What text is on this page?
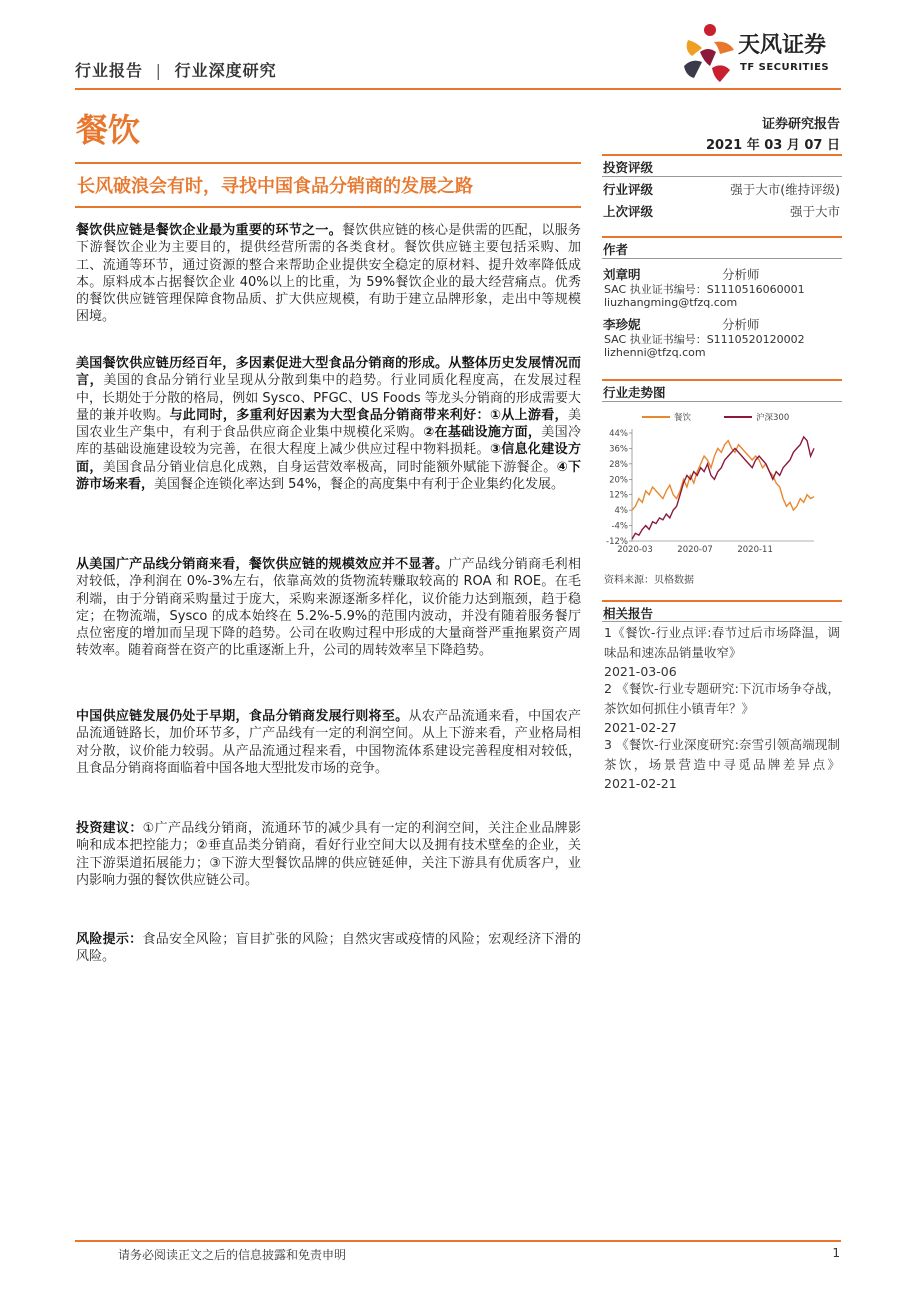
行业报告 | 行业深度研究
天风证券
TF SECURITIES
餐饮	证券研究报告
2021 年 03 月 07 日
长风破浪会有时，寻找中国食品分销商的发展之路
餐饮供应链是餐饮企业最为重要的环节之一。餐饮供应链的核心是供需的匹配，以服务下游餐饮企业为主要目的，提供经营所需的各类食材。餐饮供应链主要包括采购、加工、流通等环节，通过资源的整合来帮助企业提供安全稳定的原材料、提升效率降低成本。原料成本占据餐饮企业 40%以上的比重，为 59%餐饮企业的最大经营痛点。优秀的餐饮供应链管理保障食物品质、扩大供应规模，有助于建立品牌形象，走出中等规模困境。
美国餐饮供应链历经百年，多因素促进大型食品分销商的形成。从整体历史发展情况而言，美国的食品分销行业呈现从分散到集中的趋势。行业同质化程度高，在发展过程中，长期处于分散的格局，例如 Sysco、PFGC、US Foods 等龙头分销商的形成需要大量的兼并收购。与此同时，多重利好因素为大型食品分销商带来利好：①从上游看，美国农业生产集中，有利于食品供应商企业集中规模化采购。②在基础设施方面，美国冷库的基础设施建设较为完善，在很大程度上减少供应过程中物料损耗。③信息化建设方面，美国食品分销业信息化成熟，自身运营效率极高，同时能额外赋能下游餐企。④下游市场来看，美国餐企连锁化率达到 54%，餐企的高度集中有利于企业集约化发展。
从美国广产品线分销商来看，餐饮供应链的规模效应并不显著。广产品线分销商毛利相对较低，净利润在 0%-3%左右，依靠高效的货物流转赚取较高的 ROA 和 ROE。在毛利端，由于分销商采购量过于庞大，采购来源逐渐多样化，议价能力达到瓶颈，趋于稳定；在物流端，Sysco 的成本始终在 5.2%-5.9%的范围内波动，并没有随着服务餐厅点位密度的增加而呈现下降的趋势。公司在收购过程中形成的大量商誉严重拖累资产周转效率。随着商誉在资产的比重逐渐上升，公司的周转效率呈下降趋势。
中国供应链发展仍处于早期，食品分销商发展行则将至。从农产品流通来看，中国农产品流通链路长，加价环节多，广产品线有一定的利润空间。从上下游来看，产业格局相对分散，议价能力较弱。从产品流通过程来看，中国物流体系建设完善程度相对较低，且食品分销商将面临着中国各地大型批发市场的竞争。
投资建议：①广产品线分销商，流通环节的减少具有一定的利润空间，关注企业品牌影响和成本把控能力；②垂直品类分销商，看好行业空间大以及拥有技术壁垒的企业，关注下游渠道拓展能力；③下游大型餐饮品牌的供应链延伸，关注下游具有优质客户，业内影响力强的餐饮供应链公司。
风险提示：食品安全风险；盲目扩张的风险；自然灾害或疫情的风险；宏观经济下滑的风险。
投资评级
行业评级	强于大市(维持评级)
上次评级	强于大市
作者
刘章明	分析师
SAC 执业证书编号：S1110516060001
liuzhangming@tfzq.com
李珍妮	分析师
SAC 执业证书编号：S1110520120002
lizhenni@tfzq.com
行业走势图
餐饮	沪深300
44%
36%
28%
20%
12%
4%
-4%
-12%
2020-03	2020-07	2020-11
资料来源：贝格数据
相关报告
1《餐饮-行业点评:春节过后市场降温，调味品和速冻品销量收窄》
2021-03-06
2 《餐饮-行业专题研究:下沉市场争夺战，茶饮如何抓住小镇青年？》
2021-02-27
3 《餐饮-行业深度研究:奈雪引领高端现制茶饮，场景营造中寻觅品牌差异点》 2021-02-21
请务必阅读正文之后的信息披露和免责申明	1
